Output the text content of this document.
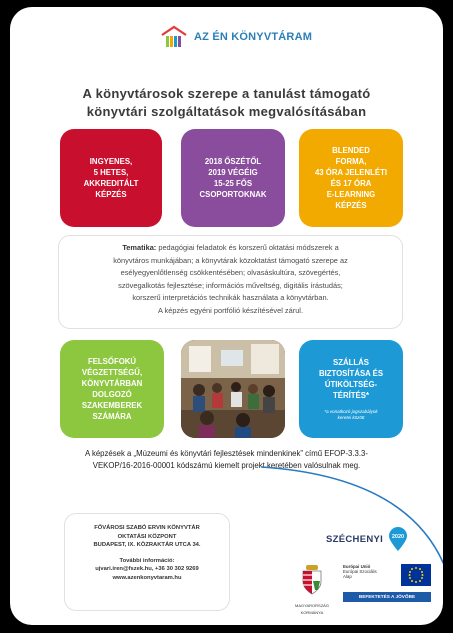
AZ ÉN KÖNYVTÁRAM
A könyvtárosok szerepe a tanulást támogató
könyvtári szolgáltatások megvalósításában
INGYENES,
5 HETES,
AKKREDITÁLT
KÉPZÉS
2018 ŐSZÉTŐL
2019 VÉGÉIG
15-25 FŐS
CSOPORTOKNAK
BLENDED
FORMA,
43 ÓRA JELENLÉTI
ÉS 17 ÓRA
E-LEARNING
KÉPZÉS
Tematika: pedagógiai feladatok és korszerű oktatási módszerek a
könyvtáros munkájában; a könyvtárak közoktatást támogató szerepe az
esélyegyenlőtlenség csökkentésében; olvasáskultúra, szövegértés,
szövegalkotás fejlesztése; információs műveltség, digitális írástudás;
korszerű interpretációs technikák használata a könyvtárban.
A képzés egyéni portfólió készítésével zárul.
FELSŐFOKÚ
VÉGZETTSÉGŰ,
KÖNYVTÁRBAN
DOLGOZÓ
SZAKEMBEREK
SZÁMÁRA
SZÁLLÁS
BIZTOSÍTÁSA ÉS
ÚTIKÖLTSÉG-
TÉRÍTÉS*
*a vonatkozó jogszabályok
keretei között
A képzések a „Múzeumi és könyvtári fejlesztések mindenkinek” című EFOP-3.3.3-
VEKOP/16-2016-00001 kódszámú kiemelt projekt keretében valósulnak meg.
FŐVÁROSI SZABÓ ERVIN KÖNYVTÁR
OKTATÁSI KÖZPONT
BUDAPEST, IX. KÖZRAKTÁR UTCA 34.
További információ:
ujvari.iren@fszek.hu, +36 30 302 9269
www.azenkonyvtaram.hu
SZÉCHENYI 2020
MAGYARORSZÁG
KORMÁNYA
Európai Unió
Európai Szociális
Alap
BEFEKTETÉS A JÖVŐBE
